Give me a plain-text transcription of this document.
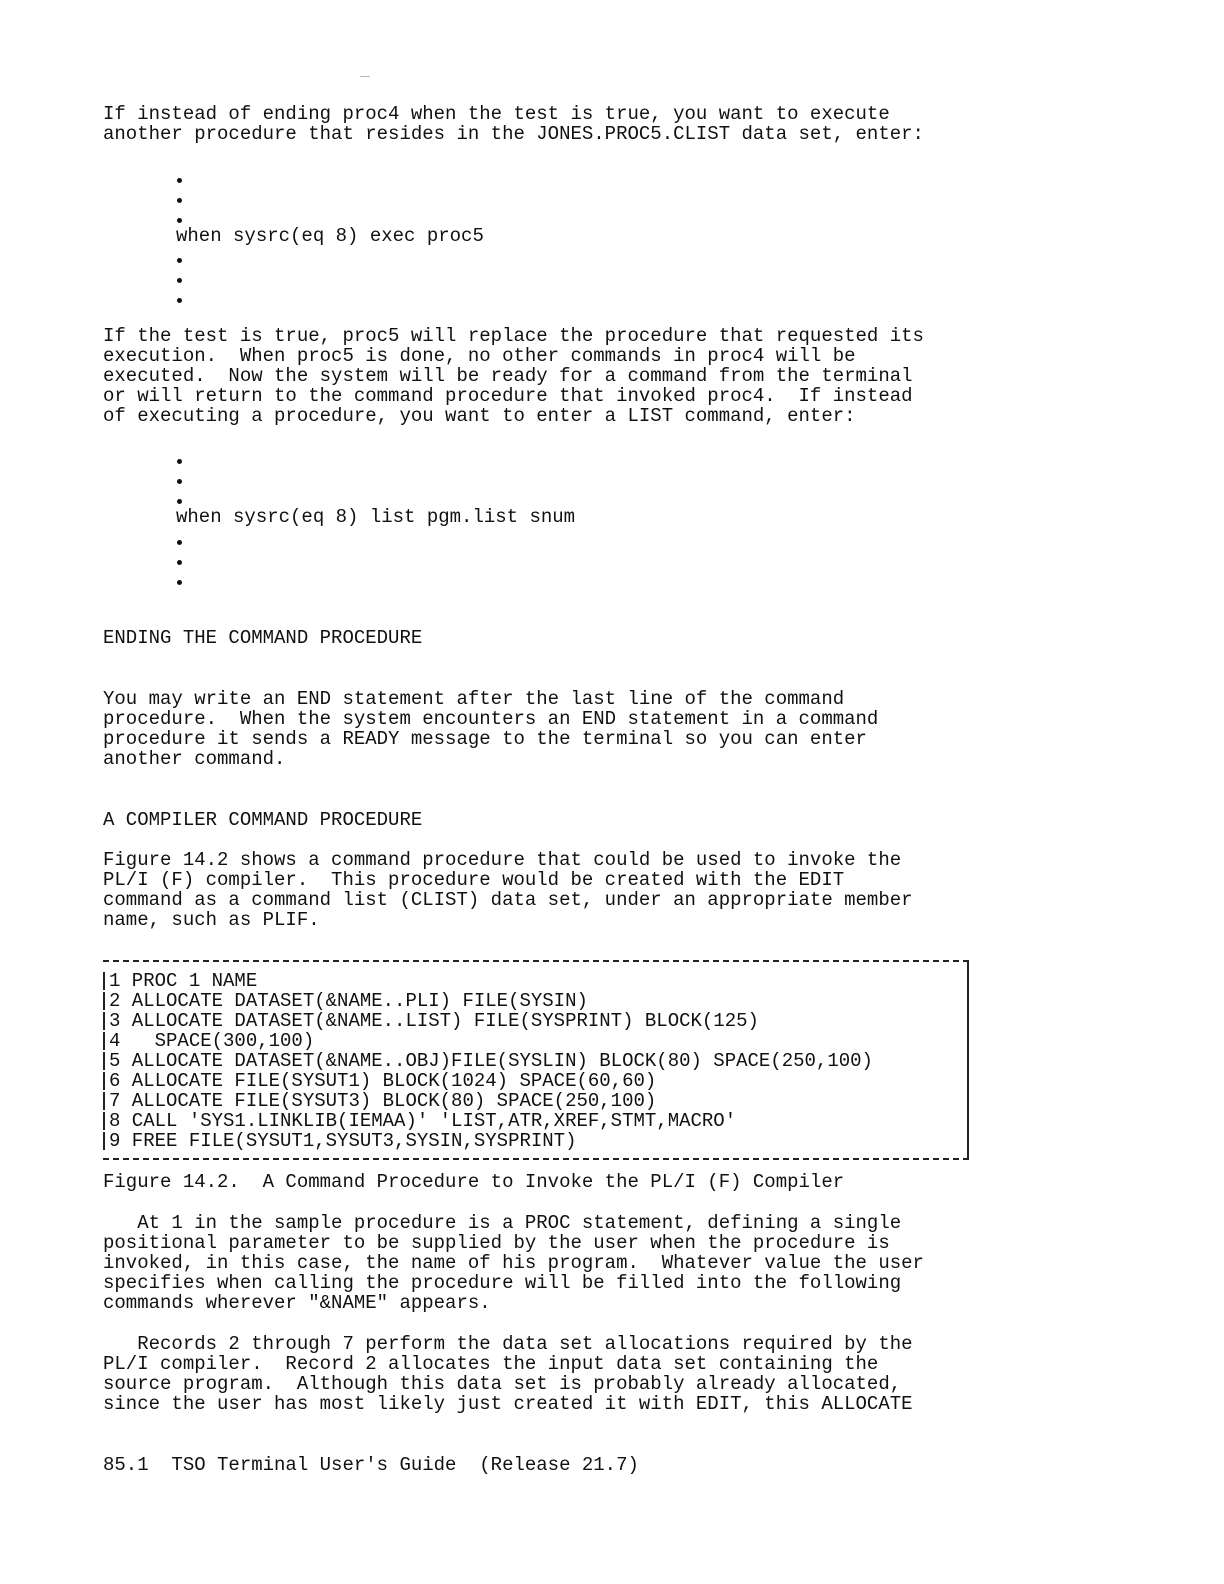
If instead of ending proc4 when the test is true, you want to execute
another procedure that resides in the JONES.PROC5.CLIST data set, enter:
when sysrc(eq 8) exec proc5
If the test is true, proc5 will replace the procedure that requested its
execution.  When proc5 is done, no other commands in proc4 will be
executed.  Now the system will be ready for a command from the terminal
or will return to the command procedure that invoked proc4.  If instead
of executing a procedure, you want to enter a LIST command, enter:
when sysrc(eq 8) list pgm.list snum
ENDING THE COMMAND PROCEDURE
You may write an END statement after the last line of the command
procedure.  When the system encounters an END statement in a command
procedure it sends a READY message to the terminal so you can enter
another command.
A COMPILER COMMAND PROCEDURE
Figure 14.2 shows a command procedure that could be used to invoke the
PL/I (F) compiler.  This procedure would be created with the EDIT
command as a command list (CLIST) data set, under an appropriate member
name, such as PLIF.
1 PROC 1 NAME
2 ALLOCATE DATASET(&NAME..PLI) FILE(SYSIN)
3 ALLOCATE DATASET(&NAME..LIST) FILE(SYSPRINT) BLOCK(125)
4   SPACE(300,100)
5 ALLOCATE DATASET(&NAME..OBJ)FILE(SYSLIN) BLOCK(80) SPACE(250,100)
6 ALLOCATE FILE(SYSUT1) BLOCK(1024) SPACE(60,60)
7 ALLOCATE FILE(SYSUT3) BLOCK(80) SPACE(250,100)
8 CALL 'SYS1.LINKLIB(IEMAA)' 'LIST,ATR,XREF,STMT,MACRO'
9 FREE FILE(SYSUT1,SYSUT3,SYSIN,SYSPRINT)
Figure 14.2.  A Command Procedure to Invoke the PL/I (F) Compiler
At 1 in the sample procedure is a PROC statement, defining a single
positional parameter to be supplied by the user when the procedure is
invoked, in this case, the name of his program.  Whatever value the user
specifies when calling the procedure will be filled into the following
commands wherever "&NAME" appears.
Records 2 through 7 perform the data set allocations required by the
PL/I compiler.  Record 2 allocates the input data set containing the
source program.  Although this data set is probably already allocated,
since the user has most likely just created it with EDIT, this ALLOCATE
85.1  TSO Terminal User's Guide  (Release 21.7)
